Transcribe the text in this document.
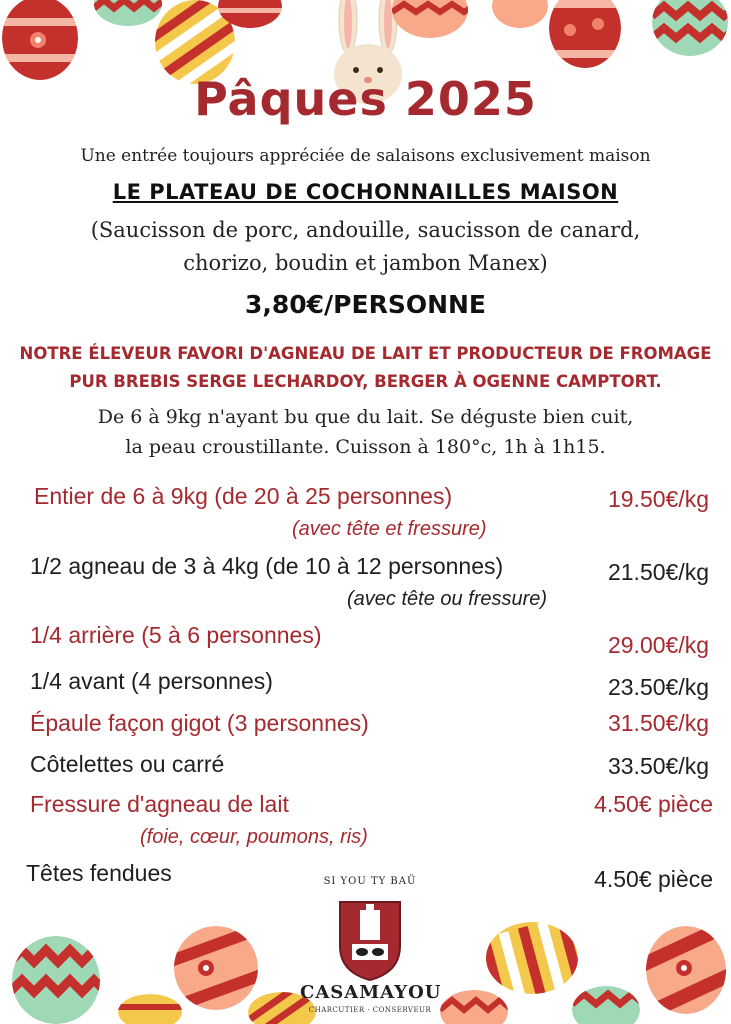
Pâques 2025
Une entrée toujours appréciée de salaisons exclusivement maison
LE PLATEAU DE COCHONNAILLES MAISON
(Saucisson de porc, andouille, saucisson de canard,
chorizo, boudin et jambon Manex)
3,80€/PERSONNE
NOTRE ÉLEVEUR FAVORI D'AGNEAU DE LAIT ET PRODUCTEUR DE FROMAGE
PUR BREBIS SERGE LECHARDOY, BERGER À OGENNE CAMPTORT.
De 6 à 9kg n'ayant bu que du lait. Se déguste bien cuit,
la peau croustillante. Cuisson à 180°c, 1h à 1h15.
Entier de 6 à 9kg (de 20 à 25 personnes)	19.50€/kg
(avec tête et fressure)
1/2 agneau de 3 à 4kg (de 10 à 12 personnes)	21.50€/kg
(avec tête ou fressure)
1/4 arrière (5 à 6 personnes)	29.00€/kg
1/4 avant (4 personnes)	23.50€/kg
Épaule façon gigot (3 personnes)	31.50€/kg
Côtelettes ou carré	33.50€/kg
Fressure d'agneau de lait	4.50€ pièce
(foie, cœur, poumons, ris)
Têtes fendues	4.50€ pièce
SI YOU TY BAÜ
CASAMAYOU
CHARCUTIER · CONSERVEUR
